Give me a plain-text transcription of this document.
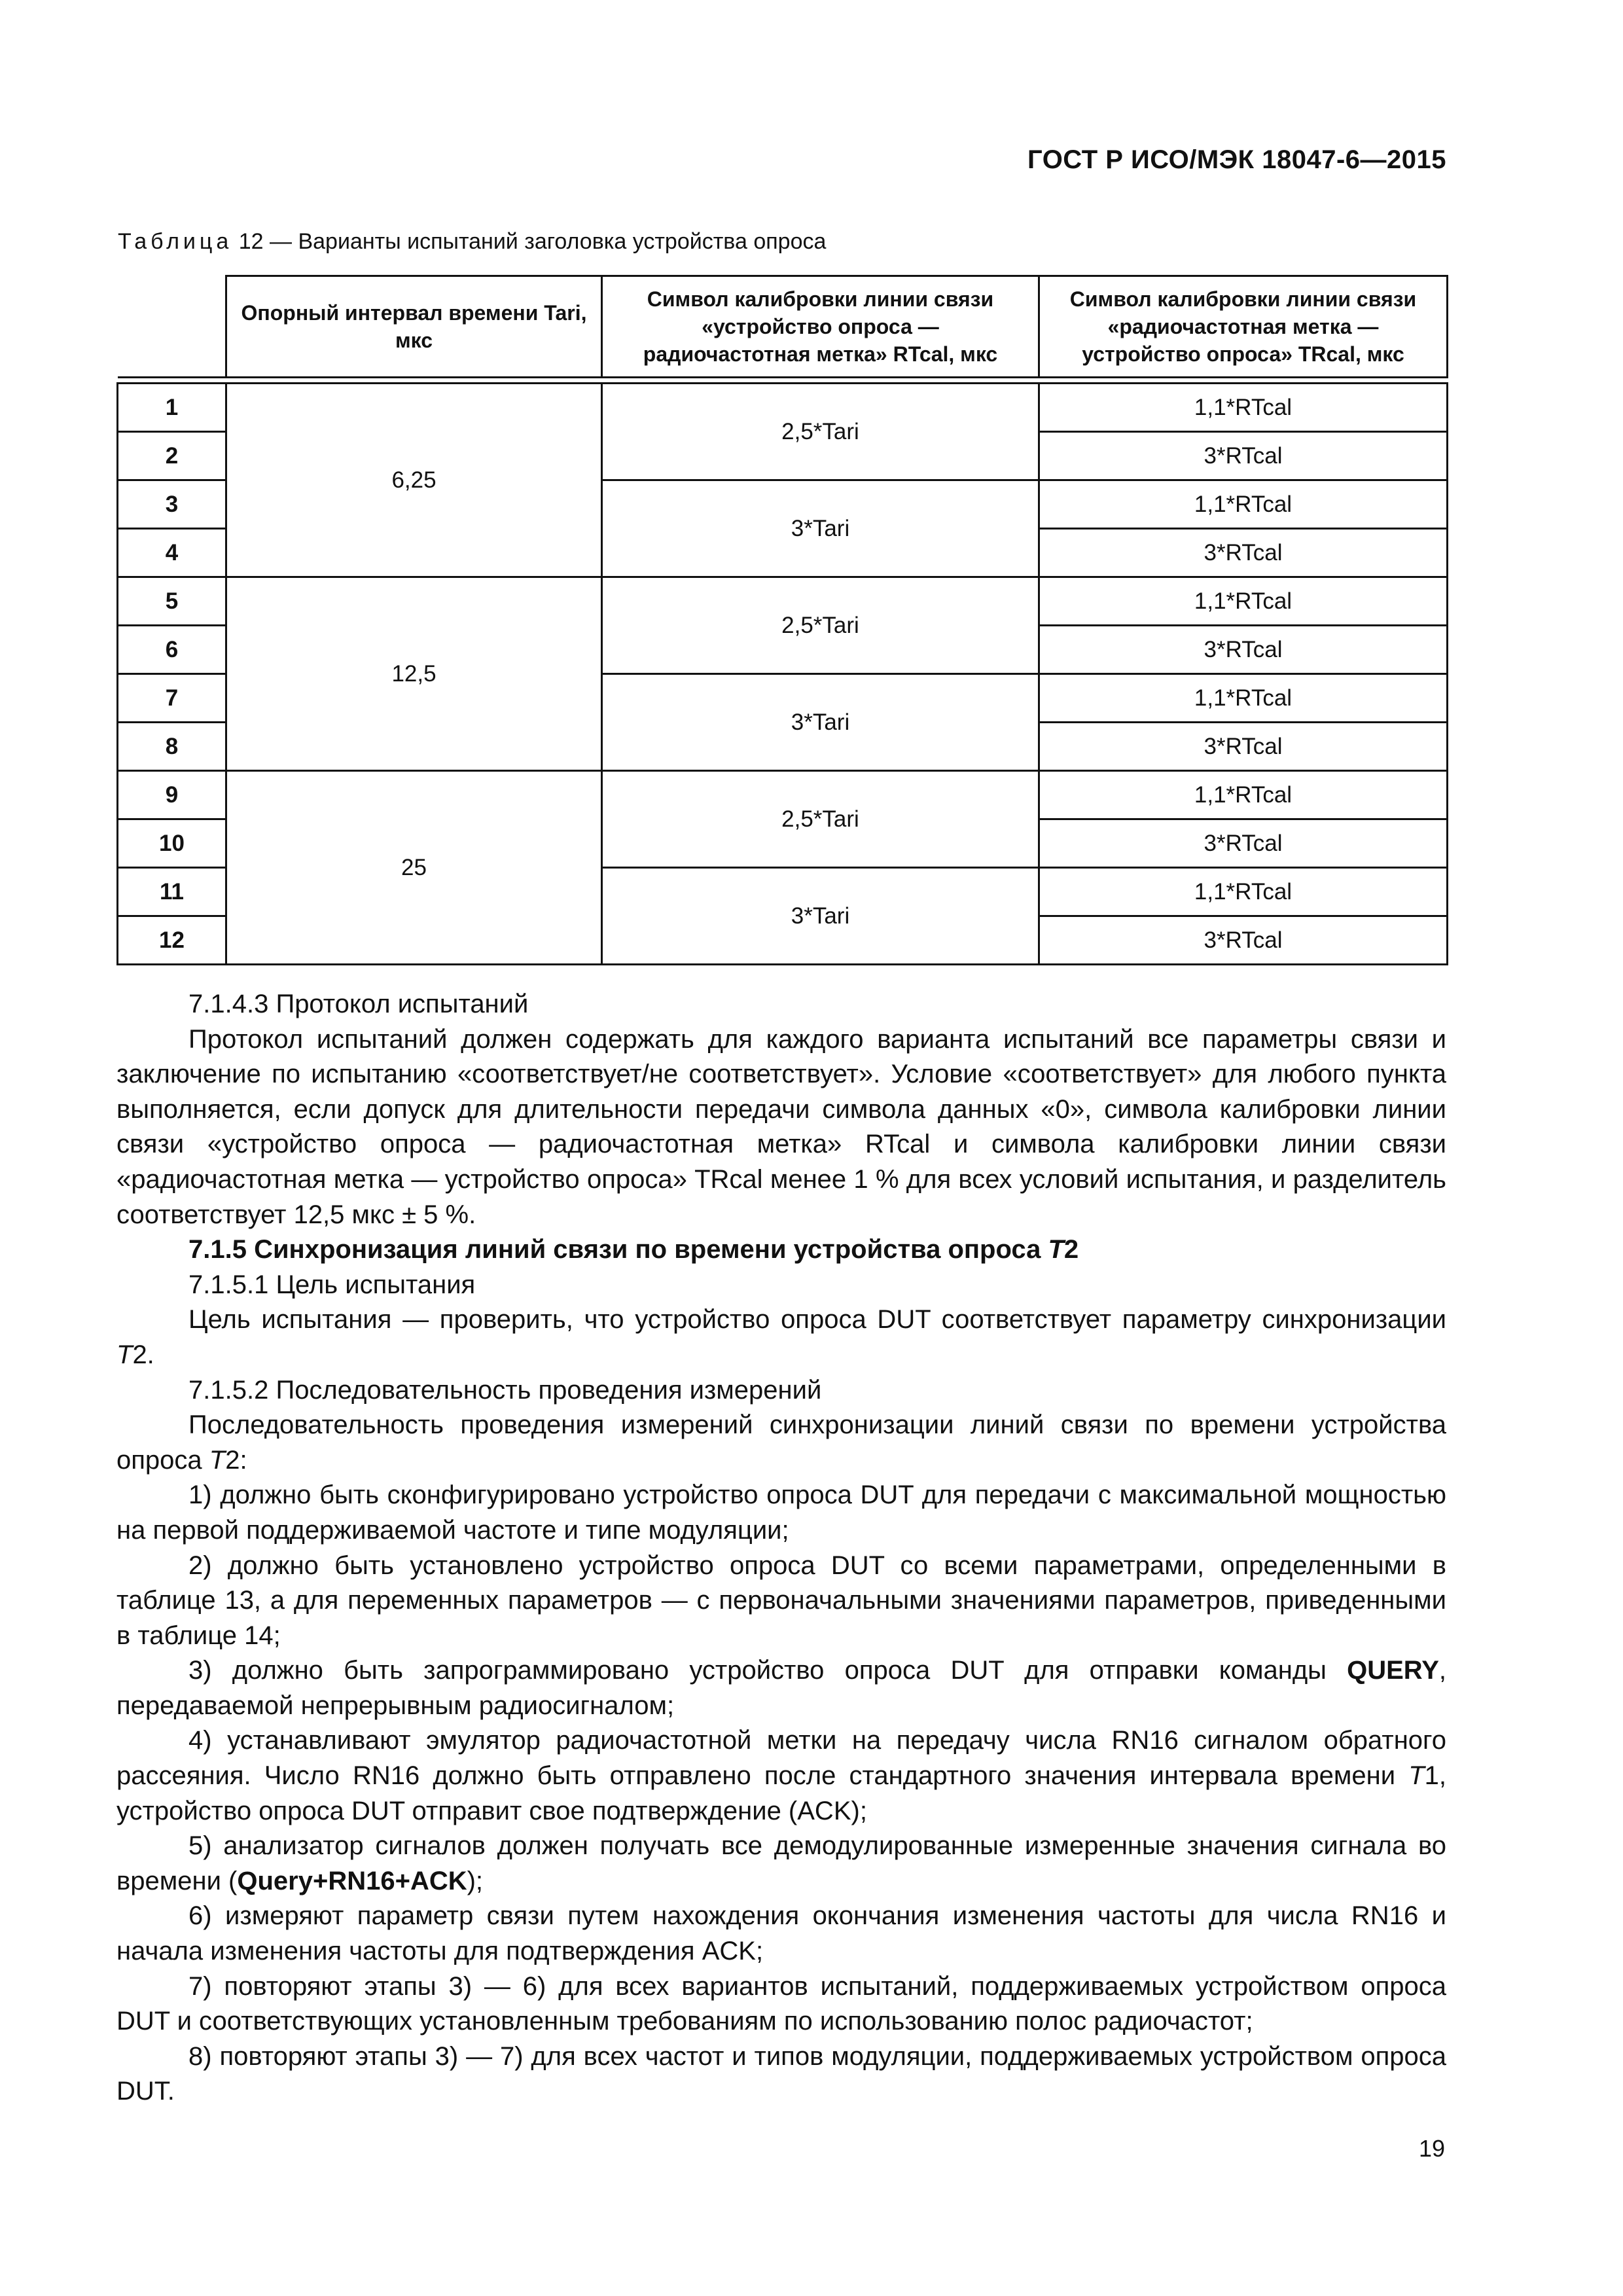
ГОСТ Р ИСО/МЭК 18047-6—2015
Таблица 12 — Варианты испытаний заголовка устройства опроса
	Опорный интервал времени Tari, мкс	Символ калибровки линии связи «устройство опроса — радиочастотная метка» RTcal, мкс	Символ калибровки линии связи «радиочастотная метка — устройство опроса» TRcal, мкс

1	6,25	2,5*Tari	1,1*RTcal
2			3*RTcal
3		3*Tari	1,1*RTcal
4			3*RTcal
5	12,5	2,5*Tari	1,1*RTcal
6			3*RTcal
7		3*Tari	1,1*RTcal
8			3*RTcal
9	25	2,5*Tari	1,1*RTcal
10			3*RTcal
11		3*Tari	1,1*RTcal
12			3*RTcal

7.1.4.3 Протокол испытаний

Протокол испытаний должен содержать для каждого варианта испытаний все параметры связи и заключение по испытанию «соответствует/не соответствует». Условие «соответствует» для любого пункта выполняется, если допуск для длительности передачи символа данных «0», символа калибровки линии связи «устройство опроса — радиочастотная метка» RTcal и символа калибровки линии связи «радиочастотная метка — устройство опроса» TRcal менее 1 % для всех условий испытания, и разделитель соответствует 12,5 мкс ± 5 %.

7.1.5 Синхронизация линий связи по времени устройства опроса Т2

7.1.5.1 Цель испытания

Цель испытания — проверить, что устройство опроса DUT соответствует параметру синхронизации Т2.

7.1.5.2 Последовательность проведения измерений

Последовательность проведения измерений синхронизации линий связи по времени устройства опроса Т2:

1) должно быть сконфигурировано устройство опроса DUT для передачи с максимальной мощностью на первой поддерживаемой частоте и типе модуляции;

2) должно быть установлено устройство опроса DUT со всеми параметрами, определенными в таблице 13, а для переменных параметров — с первоначальными значениями параметров, приведенными в таблице 14;

3) должно быть запрограммировано устройство опроса DUT для отправки команды QUERY, передаваемой непрерывным радиосигналом;

4) устанавливают эмулятор радиочастотной метки на передачу числа RN16 сигналом обратного рассеяния. Число RN16 должно быть отправлено после стандартного значения интервала времени Т1, устройство опроса DUT отправит свое подтверждение (ACK);

5) анализатор сигналов должен получать все демодулированные измеренные значения сигнала во времени (Query+RN16+ACK);

6) измеряют параметр связи путем нахождения окончания изменения частоты для числа RN16 и начала изменения частоты для подтверждения ACK;

7) повторяют этапы 3) — 6) для всех вариантов испытаний, поддерживаемых устройством опроса DUT и соответствующих установленным требованиям по использованию полос радиочастот;

8) повторяют этапы 3) — 7) для всех частот и типов модуляции, поддерживаемых устройством опроса DUT.

19
